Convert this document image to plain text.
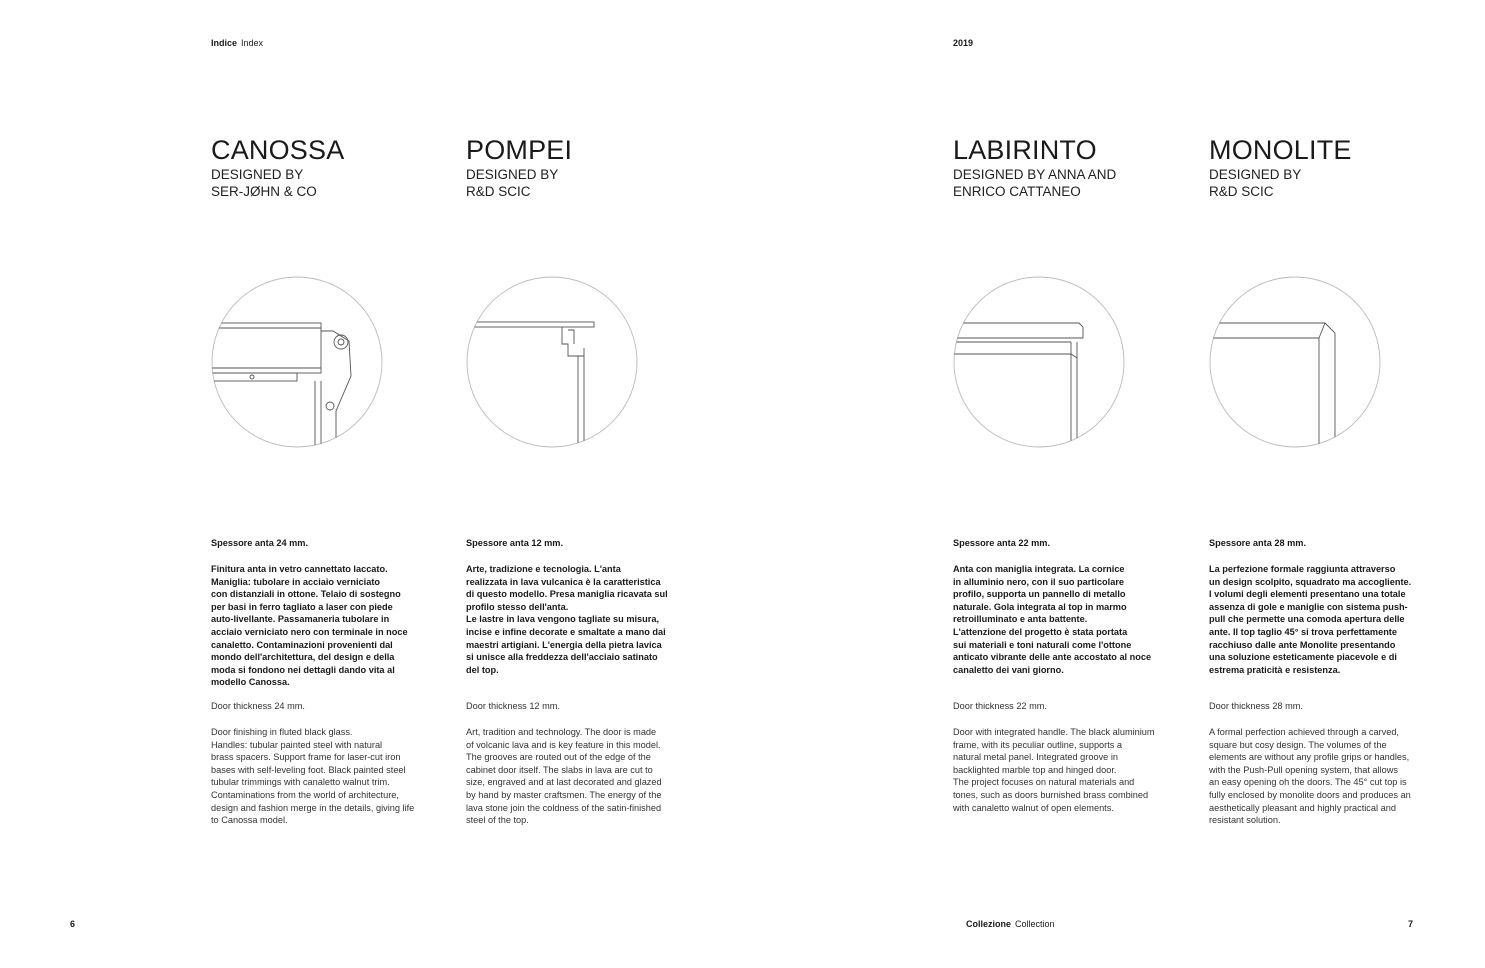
Indice Index	2019
CANOSSA
DESIGNED BY
SER-JØHN & CO
Spessore anta 24 mm.
Finitura anta in vetro cannettato laccato.
Maniglia: tubolare in acciaio verniciato
con distanziali in ottone. Telaio di sostegno
per basi in ferro tagliato a laser con piede
auto-livellante. Passamaneria tubolare in
acciaio verniciato nero con terminale in noce
canaletto. Contaminazioni provenienti dal
mondo dell'architettura, del design e della
moda si fondono nei dettagli dando vita al
modello Canossa.
Door thickness 24 mm.
Door finishing in fluted black glass.
Handles: tubular painted steel with natural
brass spacers. Support frame for laser-cut iron
bases with self-leveling foot. Black painted steel
tubular trimmings with canaletto walnut trim.
Contaminations from the world of architecture,
design and fashion merge in the details, giving life
to Canossa model.
POMPEI
DESIGNED BY
R&D SCIC
Spessore anta 12 mm.
Arte, tradizione e tecnologia. L'anta
realizzata in lava vulcanica è la caratteristica
di questo modello. Presa maniglia ricavata sul
profilo stesso dell'anta.
Le lastre in lava vengono tagliate su misura,
incise e infine decorate e smaltate a mano dai
maestri artigiani. L'energia della pietra lavica
si unisce alla freddezza dell'acciaio satinato
del top.
Door thickness 12 mm.
Art, tradition and technology. The door is made
of volcanic lava and is key feature in this model.
The grooves are routed out of the edge of the
cabinet door itself. The slabs in lava are cut to
size, engraved and at last decorated and glazed
by hand by master craftsmen. The energy of the
lava stone join the coldness of the satin-finished
steel of the top.
LABIRINTO
DESIGNED BY ANNA AND
ENRICO CATTANEO
Spessore anta 22 mm.
Anta con maniglia integrata. La cornice
in alluminio nero, con il suo particolare
profilo, supporta un pannello di metallo
naturale. Gola integrata al top in marmo
retroilluminato e anta battente.
L'attenzione del progetto è stata portata
sui materiali e toni naturali come l'ottone
anticato vibrante delle ante accostato al noce
canaletto dei vani giorno.
Door thickness 22 mm.
Door with integrated handle. The black aluminium
frame, with its peculiar outline, supports a
natural metal panel. Integrated groove in
backlighted marble top and hinged door.
The project focuses on natural materials and
tones, such as doors burnished brass combined
with canaletto walnut of open elements.
MONOLITE
DESIGNED BY
R&D SCIC
Spessore anta 28 mm.
La perfezione formale raggiunta attraverso
un design scolpito, squadrato ma accogliente.
I volumi degli elementi presentano una totale
assenza di gole e maniglie con sistema push-
pull che permette una comoda apertura delle
ante. Il top taglio 45° si trova perfettamente
racchiuso dalle ante Monolite presentando
una soluzione esteticamente piacevole e di
estrema praticità e resistenza.
Door thickness 28 mm.
A formal perfection achieved through a carved,
square but cosy design. The volumes of the
elements are without any profile grips or handles,
with the Push-Pull opening system, that allows
an easy opening oh the doors. The 45° cut top is
fully enclosed by monolite doors and produces an
aesthetically pleasant and highly practical and
resistant solution.
6	Collezione Collection	7
